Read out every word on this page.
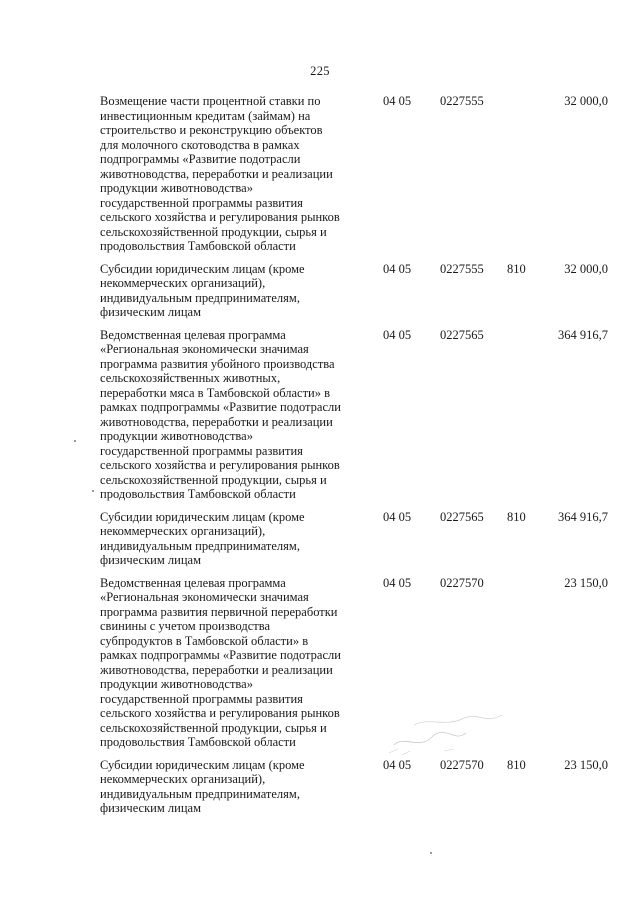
225
Возмещение части процентной ставки по
инвестиционным кредитам (займам) на
строительство и реконструкцию объектов
для молочного скотоводства в рамках
подпрограммы «Развитие подотрасли
животноводства, переработки и реализации
продукции животноводства»
государственной программы развития
сельского хозяйства и регулирования рынков
сельскохозяйственной продукции, сырья и
продовольствия Тамбовской области
04 05 0227555	32 000,0
Субсидии юридическим лицам (кроме
некоммерческих организаций),
индивидуальным предпринимателям,
физическим лицам
04 05 0227555 810	32 000,0
Ведомственная целевая программа
«Региональная экономически значимая
программа развития убойного производства
сельскохозяйственных животных,
переработки мяса в Тамбовской области» в
рамках подпрограммы «Развитие подотрасли
животноводства, переработки и реализации
продукции животноводства»
государственной программы развития
сельского хозяйства и регулирования рынков
сельскохозяйственной продукции, сырья и
продовольствия Тамбовской области
04 05 0227565	364 916,7
Субсидии юридическим лицам (кроме
некоммерческих организаций),
индивидуальным предпринимателям,
физическим лицам
04 05 0227565 810	364 916,7
Ведомственная целевая программа
«Региональная экономически значимая
программа развития первичной переработки
свинины с учетом производства
субпродуктов в Тамбовской области» в
рамках подпрограммы «Развитие подотрасли
животноводства, переработки и реализации
продукции животноводства»
государственной программы развития
сельского хозяйства и регулирования рынков
сельскохозяйственной продукции, сырья и
продовольствия Тамбовской области
04 05 0227570	23 150,0
Субсидии юридическим лицам (кроме
некоммерческих организаций),
индивидуальным предпринимателям,
физическим лицам
04 05 0227570 810	23 150,0
